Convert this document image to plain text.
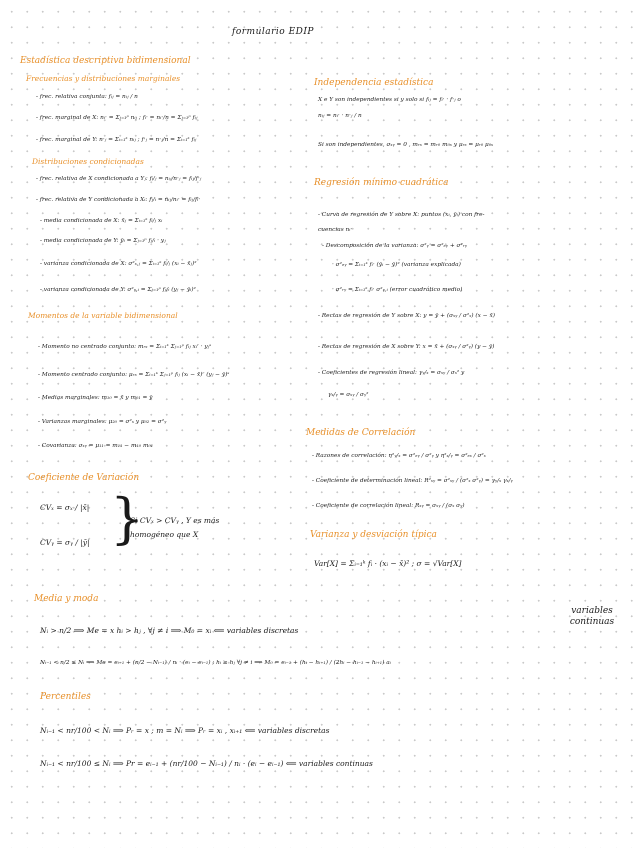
formulario EDIP
Estadística descriptiva bidimensional
Frecuencias y distribuciones marginales
- frec. relativa conjunta: fᵢⱼ = nᵢⱼ / n
- frec. marginal de X: nᵢ· = Σⱼ₌₁ᵖ nᵢⱼ ; fᵢ· = nᵢ·/n = Σⱼ₌₁ᵖ fᵢⱼ
- frec. marginal de Y: n·ⱼ = Σᵢ₌₁ᵏ nᵢⱼ ; f·ⱼ = n·ⱼ/n = Σᵢ₌₁ᵏ fᵢⱼ
Distribuciones condicionadas
- frec. relativa de X condicionada a Yⱼ: fᵢ/ⱼ = nᵢⱼ/n·ⱼ = fᵢⱼ/f·ⱼ
- frec. relativa de Y condicionada a Xᵢ: fⱼ/ᵢ = nᵢⱼ/nᵢ· = fᵢⱼ/fᵢ·
- media condicionada de X: x̄ⱼ = Σᵢ₌₁ᵏ fᵢ/ⱼ xᵢ
- media condicionada de Y: ȳᵢ = Σⱼ₌₁ᵖ fⱼ/ᵢ · yⱼ
- varianza condicionada de X: σ²ₓ,ⱼ = Σᵢ₌₁ᵏ fᵢ/ⱼ (xᵢ − x̄ⱼ)²
- varianza condicionada de Y: σ²ᵧ,ᵢ = Σⱼ₌₁ᵖ fⱼ/ᵢ (yⱼ − ȳᵢ)²
Momentos de la variable bidimensional
- Momento no centrado conjunto: mᵣₛ = Σᵢ₌₁ᵏ Σⱼ₌₁ᵖ fᵢⱼ xᵢʳ · yⱼˢ
- Momento centrado conjunto: μᵣₛ = Σᵢ₌₁ᵏ Σⱼ₌₁ᵖ fᵢⱼ (xᵢ − x̄)ʳ (yⱼ − ȳ)ˢ
- Medias marginales: m₁₀ = x̄ y m₀₁ = ȳ
- Varianzas marginales: μ₂₀ = σ²ₓ y μ₀₂ = σ²ᵧ
- Covarianza: σₓᵧ = μ₁₁ = m₁₁ − m₁₀ m₀₁
Coeficiente de Variación
CVₓ = σₓ / |x̄|
CVᵧ = σᵧ / |ȳ| }
Si CVₓ > CVᵧ , Y es más
homogéneo que X
Independencia estadística
X e Y son independientes si y solo si fᵢⱼ = fᵢ· · f·ⱼ o
nᵢⱼ = nᵢ· · n·ⱼ / n
Si son independientes, σₓᵧ = 0 , mᵣₛ = mᵣ₀ m₀ₛ y μᵣₛ = μᵣ₀ μ₀ₛ
Regresión mínimo cuadrática
- Curva de regresión de Y sobre X: puntos (xᵢ, ȳᵢ) con fre-
cuencias nᵢ·
- Descomposición de la varianza: σ²ᵧ = σ²ₑᵧ + σ²ᵣᵧ
· σ²ₑᵧ = Σᵢ₌₁ᵏ fᵢ· (ȳᵢ − ȳ)² (varianza explicada)
· σ²ᵣᵧ = Σᵢ₌₁ᵏ fᵢ· σ²ᵧ,ᵢ (error cuadrático medio)
- Rectas de regresión de Y sobre X: y = ȳ + (σₓᵧ / σ²ₓ) (x − x̄)
- Rectas de regresión de X sobre Y: x = x̄ + (σₓᵧ / σ²ᵧ) (y − ȳ)
- Coeficientes de regresión lineal: γᵧ/ₓ = σₓᵧ / σₓ² y
γₓ/ᵧ = σₓᵧ / σᵧ²
Medidas de Correlación
- Razones de correlación: η²ᵧ/ₓ = σ²ₑᵧ / σ²ᵧ y η²ₓ/ᵧ = σ²ₑₓ / σ²ₓ
- Coeficiente de determinación lineal: R²ₓᵧ = σ²ₓᵧ / (σ²ₓ σ²ᵧ) = γᵧ/ₓ γₓ/ᵧ
- Coeficiente de correlación lineal: Rₓᵧ = σₓᵧ / (σₓ σᵧ)
Varianza y desviación típica
Var[X] = Σᵢ₌₁ᵏ fᵢ · (xᵢ − x̄)² ; σ = √Var[X]
Media y moda
variables continuas
Nᵢ > n/2 ⟹ Me = x hᵢ > hⱼ , ∀j ≠ i ⟹ M₀ = xᵢ ⟸ variables discretas
Nᵢ₋₁ < n/2 ≤ Nᵢ ⟹ Me = eᵢ₋₁ + (n/2 − Nᵢ₋₁) / nᵢ · (eᵢ − eᵢ₋₁) ; hᵢ ≥ hⱼ ∀j ≠ i ⟹ M₀ = eᵢ₋₁ + (hᵢ − hᵢ₋₁) / (2hᵢ − hᵢ₋₁ − hᵢ₊₁) aᵢ
Percentiles
Nᵢ₋₁ < nr/100 < Nᵢ ⟹ Pᵣ = x ; m = Nᵢ ⟹ Pᵣ = xᵢ , xᵢ₊₁ ⟸ variables discretas
Nᵢ₋₁ < nr/100 ≤ Nᵢ ⟹ Pr = eᵢ₋₁ + (nr/100 − Nᵢ₋₁) / nᵢ · (eᵢ − eᵢ₋₁) ⟸ variables continuas
